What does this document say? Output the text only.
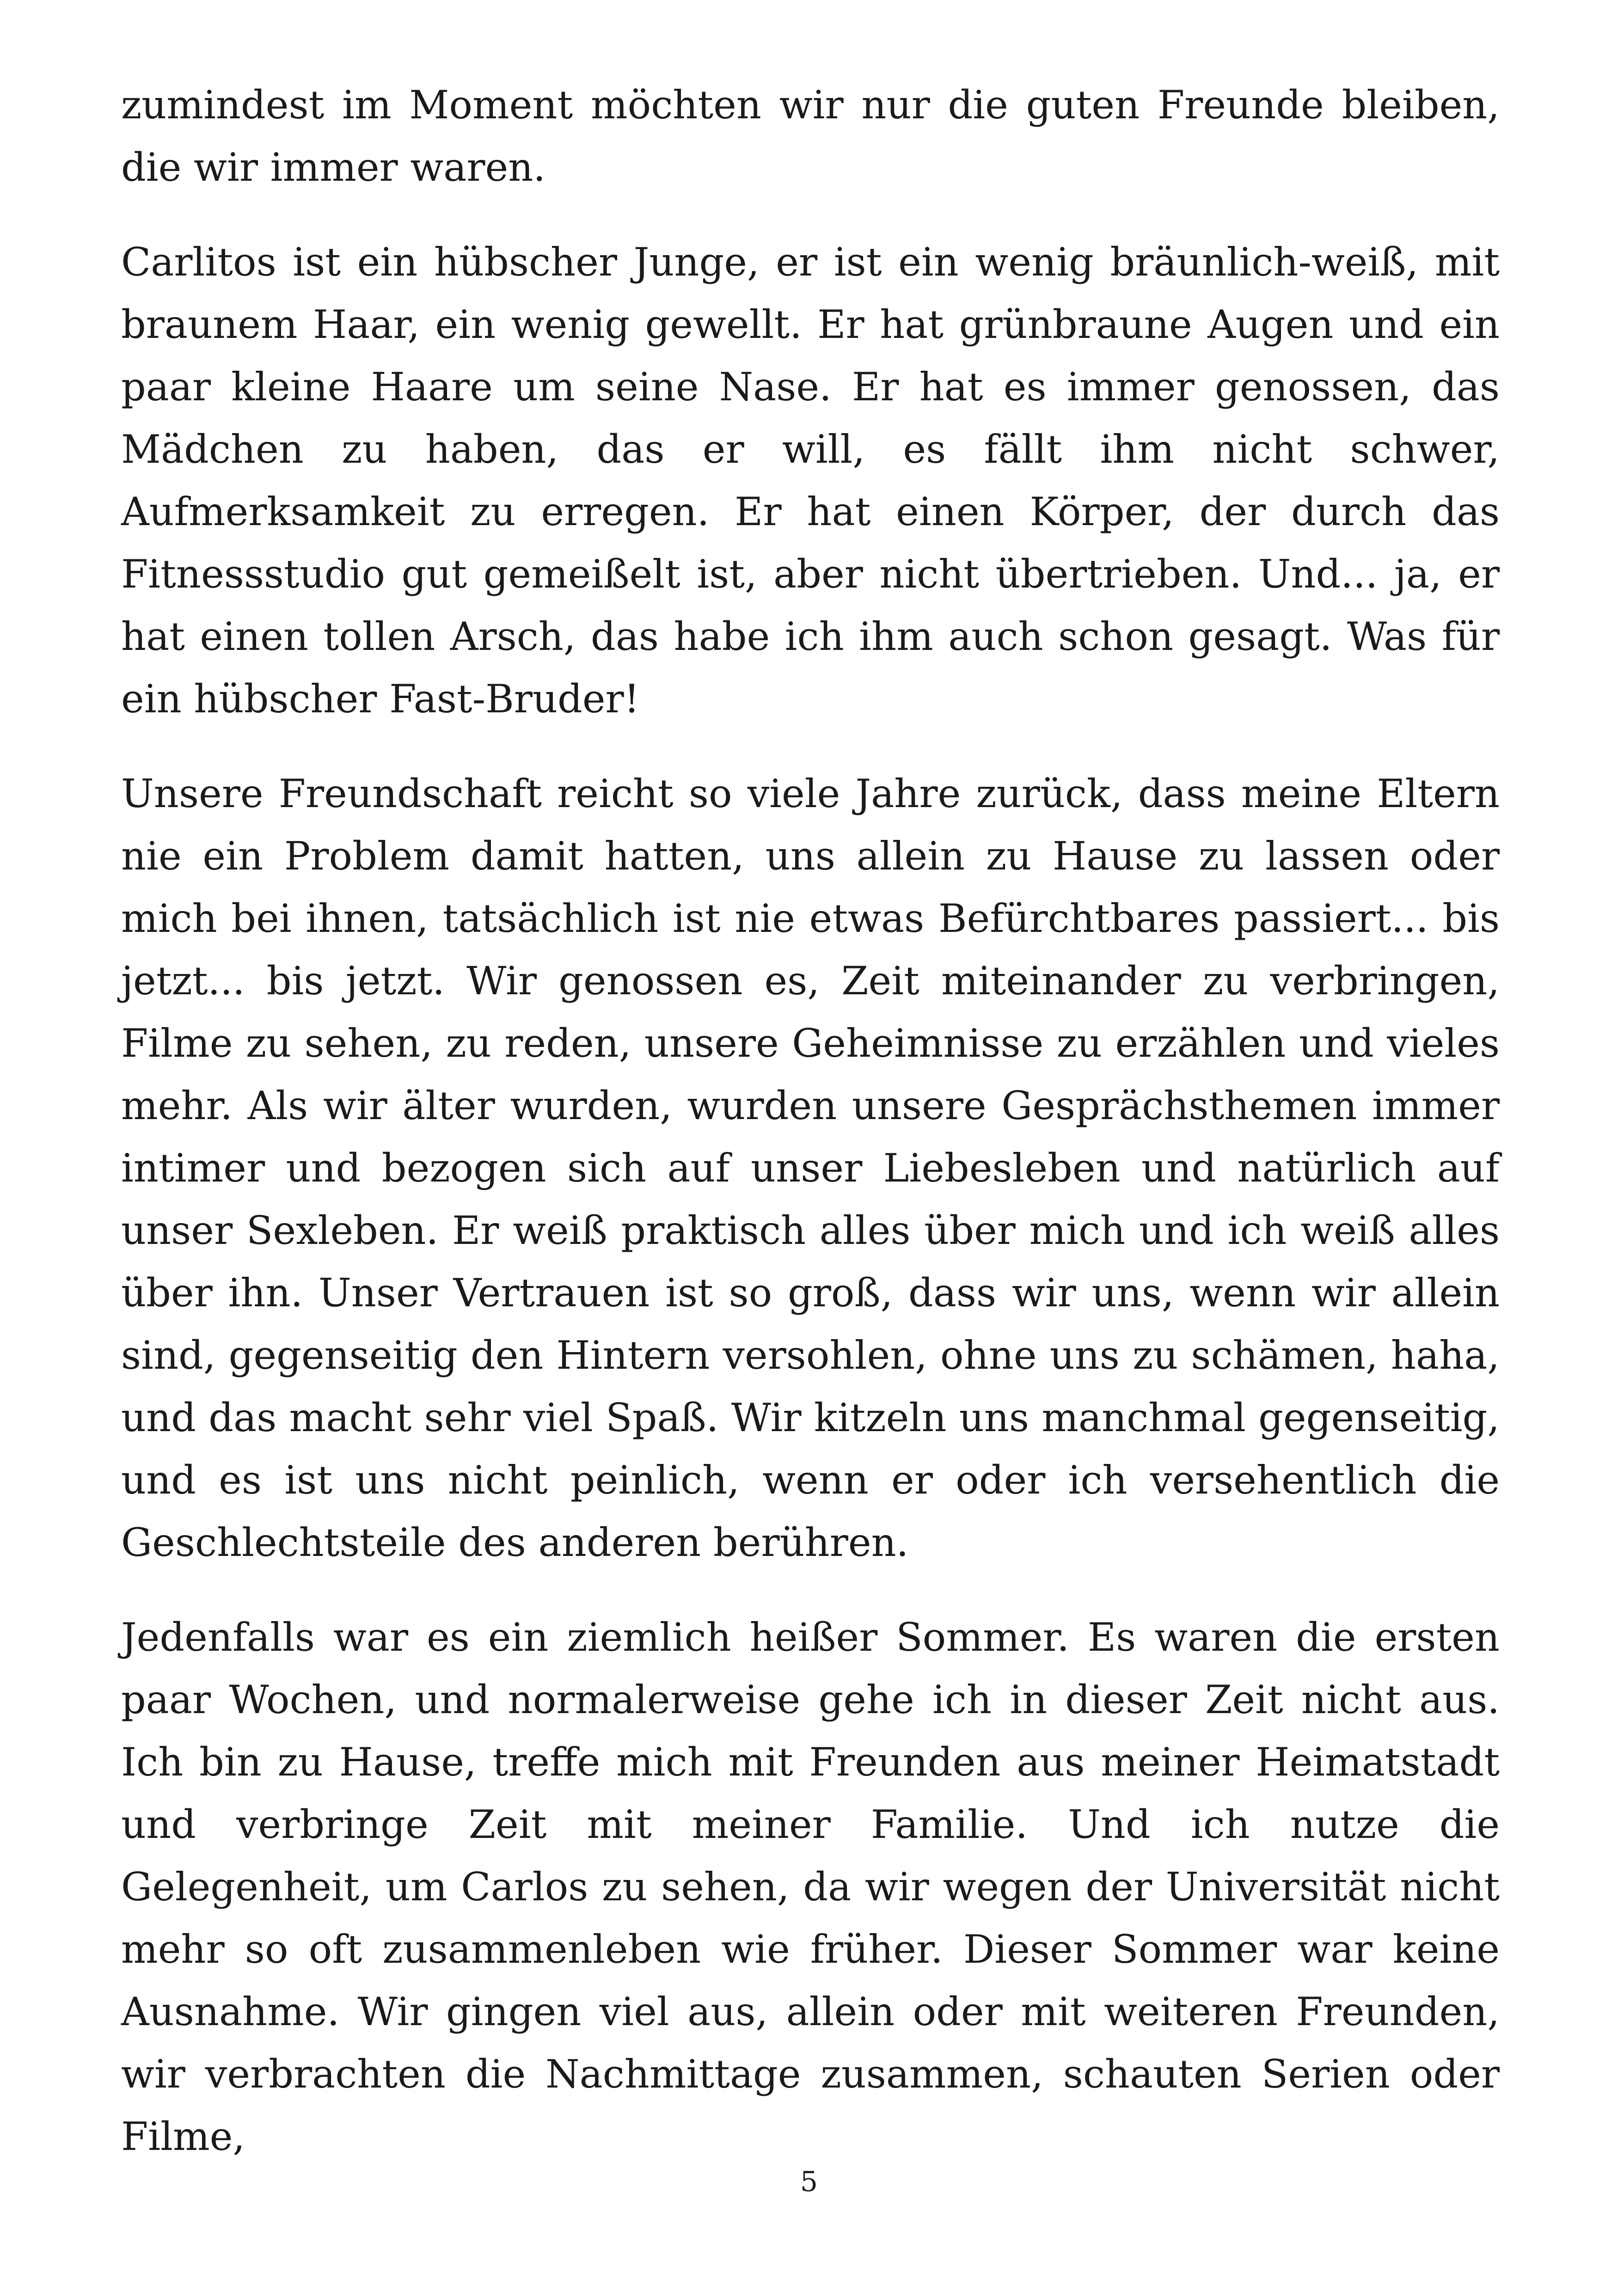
zumindest im Moment möchten wir nur die guten Freunde bleiben, die wir immer waren.

Carlitos ist ein hübscher Junge, er ist ein wenig bräunlich-weiß, mit braunem Haar, ein wenig gewellt. Er hat grünbraune Augen und ein paar kleine Haare um seine Nase. Er hat es immer genossen, das Mädchen zu haben, das er will, es fällt ihm nicht schwer, Aufmerksamkeit zu erregen. Er hat einen Körper, der durch das Fitnessstudio gut gemeißelt ist, aber nicht übertrieben. Und... ja, er hat einen tollen Arsch, das habe ich ihm auch schon gesagt. Was für ein hübscher Fast-Bruder!

Unsere Freundschaft reicht so viele Jahre zurück, dass meine Eltern nie ein Problem damit hatten, uns allein zu Hause zu lassen oder mich bei ihnen, tatsächlich ist nie etwas Befürchtbares passiert... bis jetzt... bis jetzt. Wir genossen es, Zeit miteinander zu verbringen, Filme zu sehen, zu reden, unsere Geheimnisse zu erzählen und vieles mehr. Als wir älter wurden, wurden unsere Gesprächsthemen immer intimer und bezogen sich auf unser Liebesleben und natürlich auf unser Sexleben. Er weiß praktisch alles über mich und ich weiß alles über ihn. Unser Vertrauen ist so groß, dass wir uns, wenn wir allein sind, gegenseitig den Hintern versohlen, ohne uns zu schämen, haha, und das macht sehr viel Spaß. Wir kitzeln uns manchmal gegenseitig, und es ist uns nicht peinlich, wenn er oder ich versehentlich die Geschlechtsteile des anderen berühren.

Jedenfalls war es ein ziemlich heißer Sommer. Es waren die ersten paar Wochen, und normalerweise gehe ich in dieser Zeit nicht aus. Ich bin zu Hause, treffe mich mit Freunden aus meiner Heimatstadt und verbringe Zeit mit meiner Familie. Und ich nutze die Gelegenheit, um Carlos zu sehen, da wir wegen der Universität nicht mehr so oft zusammenleben wie früher. Dieser Sommer war keine Ausnahme. Wir gingen viel aus, allein oder mit weiteren Freunden, wir verbrachten die Nachmittage zusammen, schauten Serien oder Filme,

5
